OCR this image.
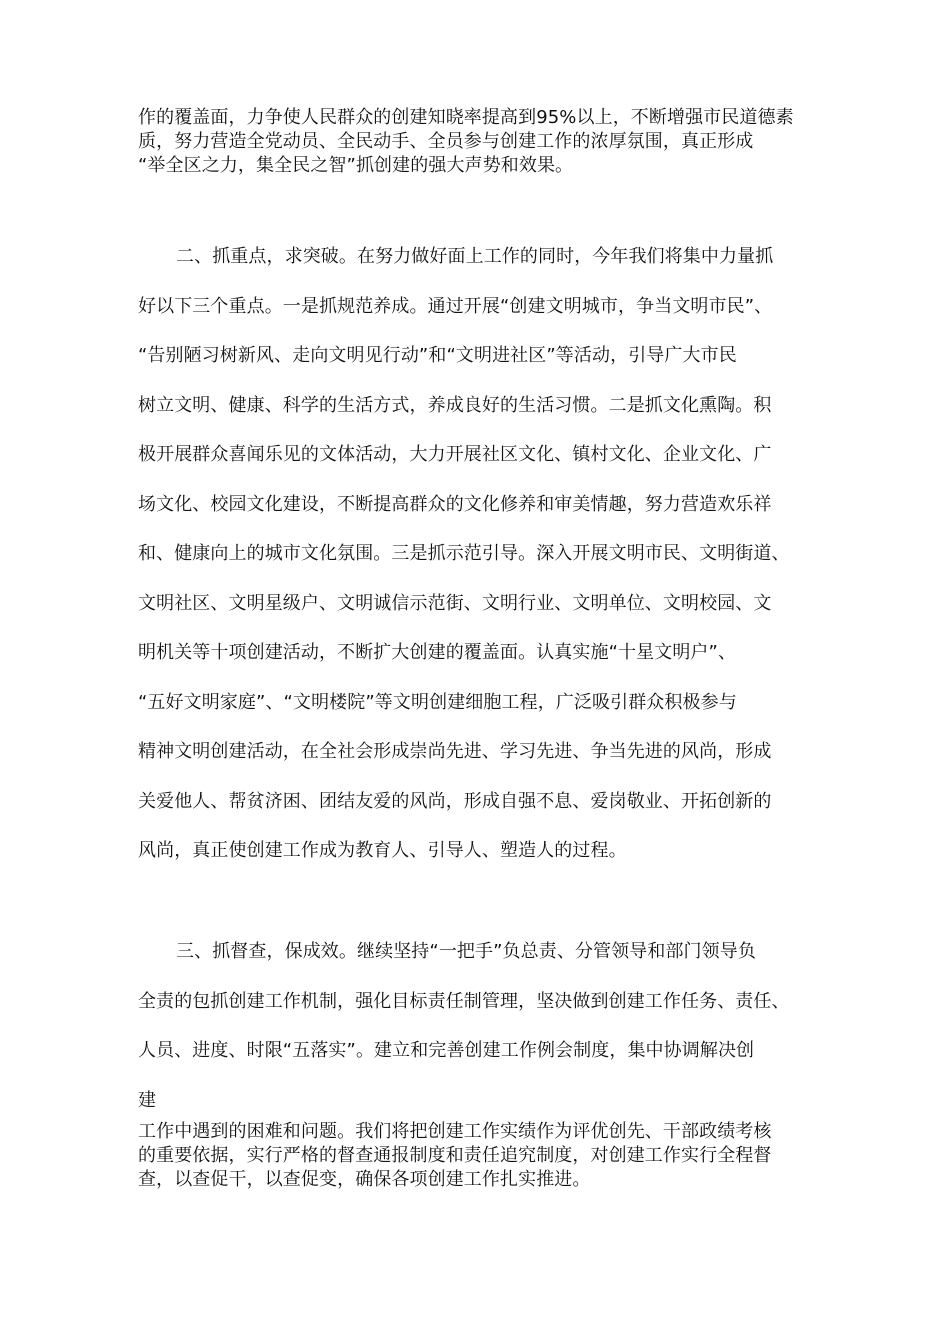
作的覆盖面，力争使人民群众的创建知晓率提高到95%以上，不断增强市民道德素
质，努力营造全党动员、全民动手、全员参与创建工作的浓厚氛围，真正形成
“举全区之力，集全民之智”抓创建的强大声势和效果。
二、抓重点，求突破。在努力做好面上工作的同时，今年我们将集中力量抓
好以下三个重点。一是抓规范养成。通过开展“创建文明城市，争当文明市民”、
“告别陋习树新风、走向文明见行动”和“文明进社区”等活动，引导广大市民
树立文明、健康、科学的生活方式，养成良好的生活习惯。二是抓文化熏陶。积
极开展群众喜闻乐见的文体活动，大力开展社区文化、镇村文化、企业文化、广
场文化、校园文化建设，不断提高群众的文化修养和审美情趣，努力营造欢乐祥
和、健康向上的城市文化氛围。三是抓示范引导。深入开展文明市民、文明街道、
文明社区、文明星级户、文明诚信示范街、文明行业、文明单位、文明校园、文
明机关等十项创建活动，不断扩大创建的覆盖面。认真实施“十星文明户”、
“五好文明家庭”、“文明楼院”等文明创建细胞工程，广泛吸引群众积极参与
精神文明创建活动，在全社会形成崇尚先进、学习先进、争当先进的风尚，形成
关爱他人、帮贫济困、团结友爱的风尚，形成自强不息、爱岗敬业、开拓创新的
风尚，真正使创建工作成为教育人、引导人、塑造人的过程。
三、抓督查，保成效。继续坚持“一把手”负总责、分管领导和部门领导负
全责的包抓创建工作机制，强化目标责任制管理，坚决做到创建工作任务、责任、
人员、进度、时限“五落实”。建立和完善创建工作例会制度，集中协调解决创
建
工作中遇到的困难和问题。我们将把创建工作实绩作为评优创先、干部政绩考核
的重要依据，实行严格的督查通报制度和责任追究制度，对创建工作实行全程督
查，以查促干，以查促变，确保各项创建工作扎实推进。
